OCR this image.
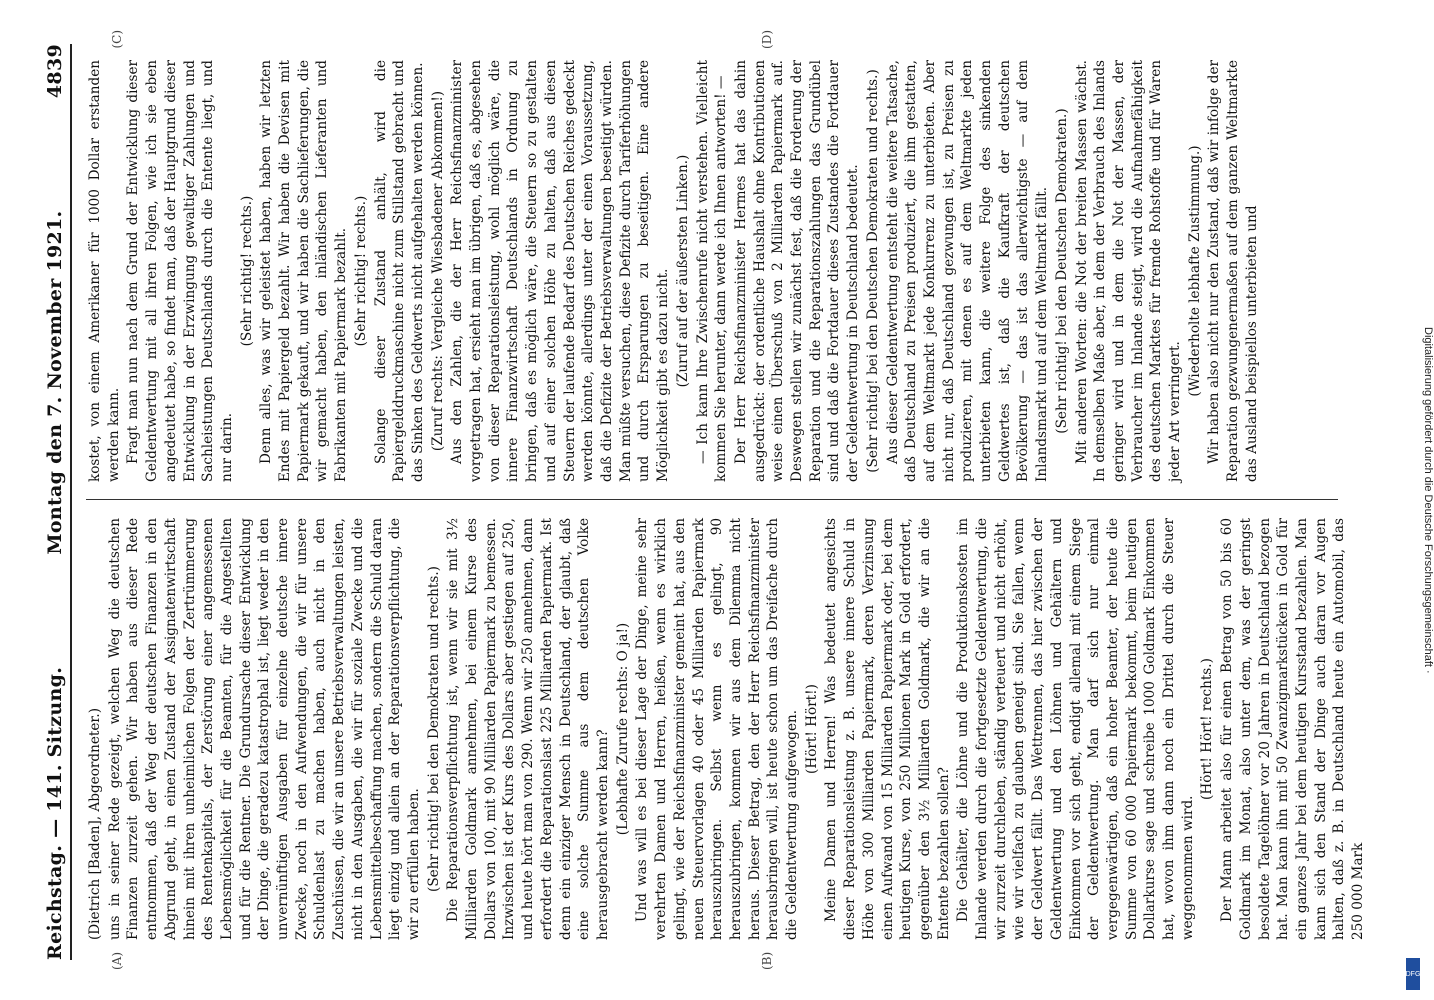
Reichstag. — 141. Sitzung.
Montag den 7. November 1921.
4839
(A)	(B)
(C)	(D)

(Dietrich [Baden], Abgeordneter.) uns in seiner Rede gezeigt, welchen Weg die deutschen Finanzen zurzeit gehen. Wir haben aus dieser Rede entnommen, daß der Weg der deutschen Finanzen in den Abgrund geht, in einen Zustand der Assignatenwirtschaft hinein mit ihren unheimlichen Folgen der Zertrümmerung des Rentenkapitals, der Zerstörung einer angemessenen Lebensmöglichkeit für die Beamten, für die Angestellten und für die Rentner. Die Grundursache dieser Entwicklung der Dinge, die geradezu katastrophal ist, liegt weder in den unvernünftigen Ausgaben für einzelne deutsche innere Zwecke, noch in den Aufwendungen, die wir für unsere Schuldenlast zu machen haben, auch nicht in den Zuschüssen, die wir an unsere Betriebsverwaltungen leisten, nicht in den Ausgaben, die wir für soziale Zwecke und die Lebensmittelbeschaffung machen, sondern die Schuld daran liegt einzig und allein an der Reparationsverpflichtung, die wir zu erfüllen haben. (Sehr richtig! bei den Demokraten und rechts.) Die Reparationsverpflichtung ist, wenn wir sie mit 3½ Milliarden Goldmark annehmen, bei einem Kurse des Dollars von 100, mit 90 Milliarden Papiermark zu bemessen. Inzwischen ist der Kurs des Dollars aber gestiegen auf 250, und heute hört man von 290. Wenn wir 250 annehmen, dann erfordert die Reparationslast 225 Milliarden Papiermark. Ist denn ein einziger Mensch in Deutschland, der glaubt, daß eine solche Summe aus dem deutschen Volke herausgebracht werden kann? (Lebhafte Zurufe rechts: O ja!) Und was will es bei dieser Lage der Dinge, meine sehr verehrten Damen und Herren, heißen, wenn es wirklich gelingt, wie der Reichsfinanzminister gemeint hat, aus den neuen Steuervorlagen 40 oder 45 Milliarden Papiermark herauszubringen. Selbst wenn es gelingt, 90 herauszubringen, kommen wir aus dem Dilemma nicht heraus. Dieser Betrag, den der Herr Reichsfinanzminister herausbringen will, ist heute schon um das Dreifache durch die Geldentwertung aufgewogen. (Hört! Hört!) Meine Damen und Herren! Was bedeutet angesichts dieser Reparationsleistung z. B. unsere innere Schuld in Höhe von 300 Milliarden Papiermark, deren Verzinsung einen Aufwand von 15 Milliarden Papiermark oder, bei dem heutigen Kurse, von 250 Millionen Mark in Gold erfordert, gegenüber den 3½ Milliarden Goldmark, die wir an die Entente bezahlen sollen? Die Gehälter, die Löhne und die Produktionskosten im Inlande werden durch die fortgesetzte Geldentwertung, die wir zurzeit durchleben, ständig verteuert und nicht erhöht, wie wir vielfach zu glauben geneigt sind. Sie fallen, wenn der Geldwert fällt. Das Wettrennen, das hier zwischen der Geldentwertung und den Löhnen und Gehältern und Einkommen vor sich geht, endigt allemal mit einem Siege der Geldentwertung. Man darf sich nur einmal vergegenwärtigen, daß ein hoher Beamter, der heute die Summe von 60 000 Papiermark bekommt, beim heutigen Dollarkurse sage und schreibe 1000 Goldmark Einkommen hat, wovon ihm dann noch ein Drittel durch die Steuer weggenommen wird.

(Hört! Hört! rechts.) Der Mann arbeitet also für einen Betrag von 50 bis 60 Goldmark im Monat, also unter dem, was der geringst besoldete Tagelöhner vor 20 Jahren in Deutschland bezogen hat. Man kann ihn mit 50 Zwanzigmarkstücken in Gold für ein ganzes Jahr bei dem heutigen Kursstand bezahlen. Man kann sich den Stand der Dinge auch daran vor Augen halten, daß z. B. in Deutschland heute ein Automobil, das 250 000 Mark

kostet, von einem Amerikaner für 1000 Dollar erstanden werden kann. Fragt man nun nach dem Grund der Entwicklung dieser Geldentwertung mit all ihren Folgen, wie ich sie eben angedeutet habe, so findet man, daß der Hauptgrund dieser Entwicklung in der Erzwingung gewaltiger Zahlungen und Sachleistungen Deutschlands durch die Entente liegt, und nur darin.

(Sehr richtig! rechts.) Denn alles, was wir geleistet haben, haben wir letzten Endes mit Papiergeld bezahlt. Wir haben die Devisen mit Papiermark gekauft, und wir haben die Sachlieferungen, die wir gemacht haben, den inländischen Lieferanten und Fabrikanten mit Papiermark bezahlt. (Sehr richtig! rechts.) Solange dieser Zustand anhält, wird die Papiergelddruckmaschine nicht zum Stillstand gebracht und das Sinken des Geldwerts nicht aufgehalten werden können. (Zuruf rechts: Vergleiche Wiesbadener Abkommen!) Aus den Zahlen, die der Herr Reichsfinanzminister vorgetragen hat, ersieht man im übrigen, daß es, abgesehen von dieser Reparationsleistung, wohl möglich wäre, die innere Finanzwirtschaft Deutschlands in Ordnung zu bringen, daß es möglich wäre, die Steuern so zu gestalten und auf einer solchen Höhe zu halten, daß aus diesen Steuern der laufende Bedarf des Deutschen Reiches gedeckt werden könnte, allerdings unter der einen Voraussetzung, daß die Defizite der Betriebsverwaltungen beseitigt würden. Man müßte versuchen, diese Defizite durch Tariferhöhungen und durch Ersparungen zu beseitigen. Eine andere Möglichkeit gibt es dazu nicht. (Zuruf auf der äußersten Linken.) — Ich kann Ihre Zwischenrufe nicht verstehen. Vielleicht kommen Sie herunter, dann werde ich Ihnen antworten! — Der Herr Reichsfinanzminister Hermes hat das dahin ausgedrückt: der ordentliche Haushalt ohne Kontributionen weise einen Überschuß von 2 Milliarden Papiermark auf. Deswegen stellen wir zunächst fest, daß die Forderung der Reparation und die Reparationszahlungen das Grundübel sind und daß die Fortdauer dieses Zustandes die Fortdauer der Geldentwertung in Deutschland bedeutet. (Sehr richtig! bei den Deutschen Demokraten und rechts.) Aus dieser Geldentwertung entsteht die weitere Tatsache, daß Deutschland zu Preisen produziert, die ihm gestatten, auf dem Weltmarkt jede Konkurrenz zu unterbieten. Aber nicht nur, daß Deutschland gezwungen ist, zu Preisen zu produzieren, mit denen es auf dem Weltmarkte jeden unterbieten kann, die weitere Folge des sinkenden Geldwertes ist, daß die Kaufkraft der deutschen Bevölkerung — das ist das allerwichtigste — auf dem Inlandsmarkt und auf dem Weltmarkt fällt. (Sehr richtig! bei den Deutschen Demokraten.) Mit anderen Worten: die Not der breiten Massen wächst. In demselben Maße aber, in dem der Verbrauch des Inlands geringer wird und in dem die Not der Massen, der Verbraucher im Inlande steigt, wird die Aufnahmefähigkeit des deutschen Marktes für fremde Rohstoffe und für Waren jeder Art verringert.

(Wiederholte lebhafte Zustimmung.) Wir haben also nicht nur den Zustand, daß wir infolge der Reparation gezwungenermaßen auf dem ganzen Weltmarkte das Ausland beispiellos unterbieten und	Digitalisierung gefördert durch die Deutsche Forschungsgemeinschaft ·
DFG
